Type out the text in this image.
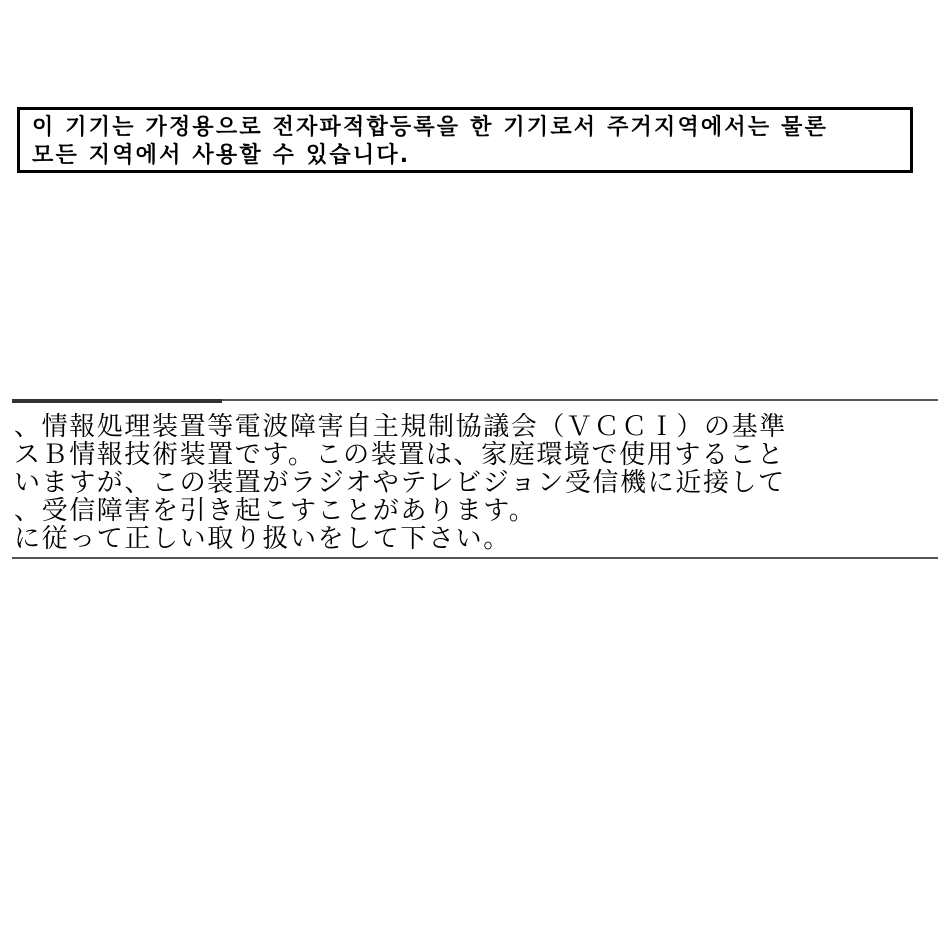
이 기기는 가정용으로 전자파적합등록을 한 기기로서 주거지역에서는 물론
모든 지역에서 사용할 수 있습니다.
、情報処理装置等電波障害自主規制協議会（ＶＣＣＩ）の基準
スＢ情報技術装置です。この装置は、家庭環境で使用すること
いますが、この装置がラジオやテレビジョン受信機に近接して
、受信障害を引き起こすことがあります。
に従って正しい取り扱いをして下さい。
